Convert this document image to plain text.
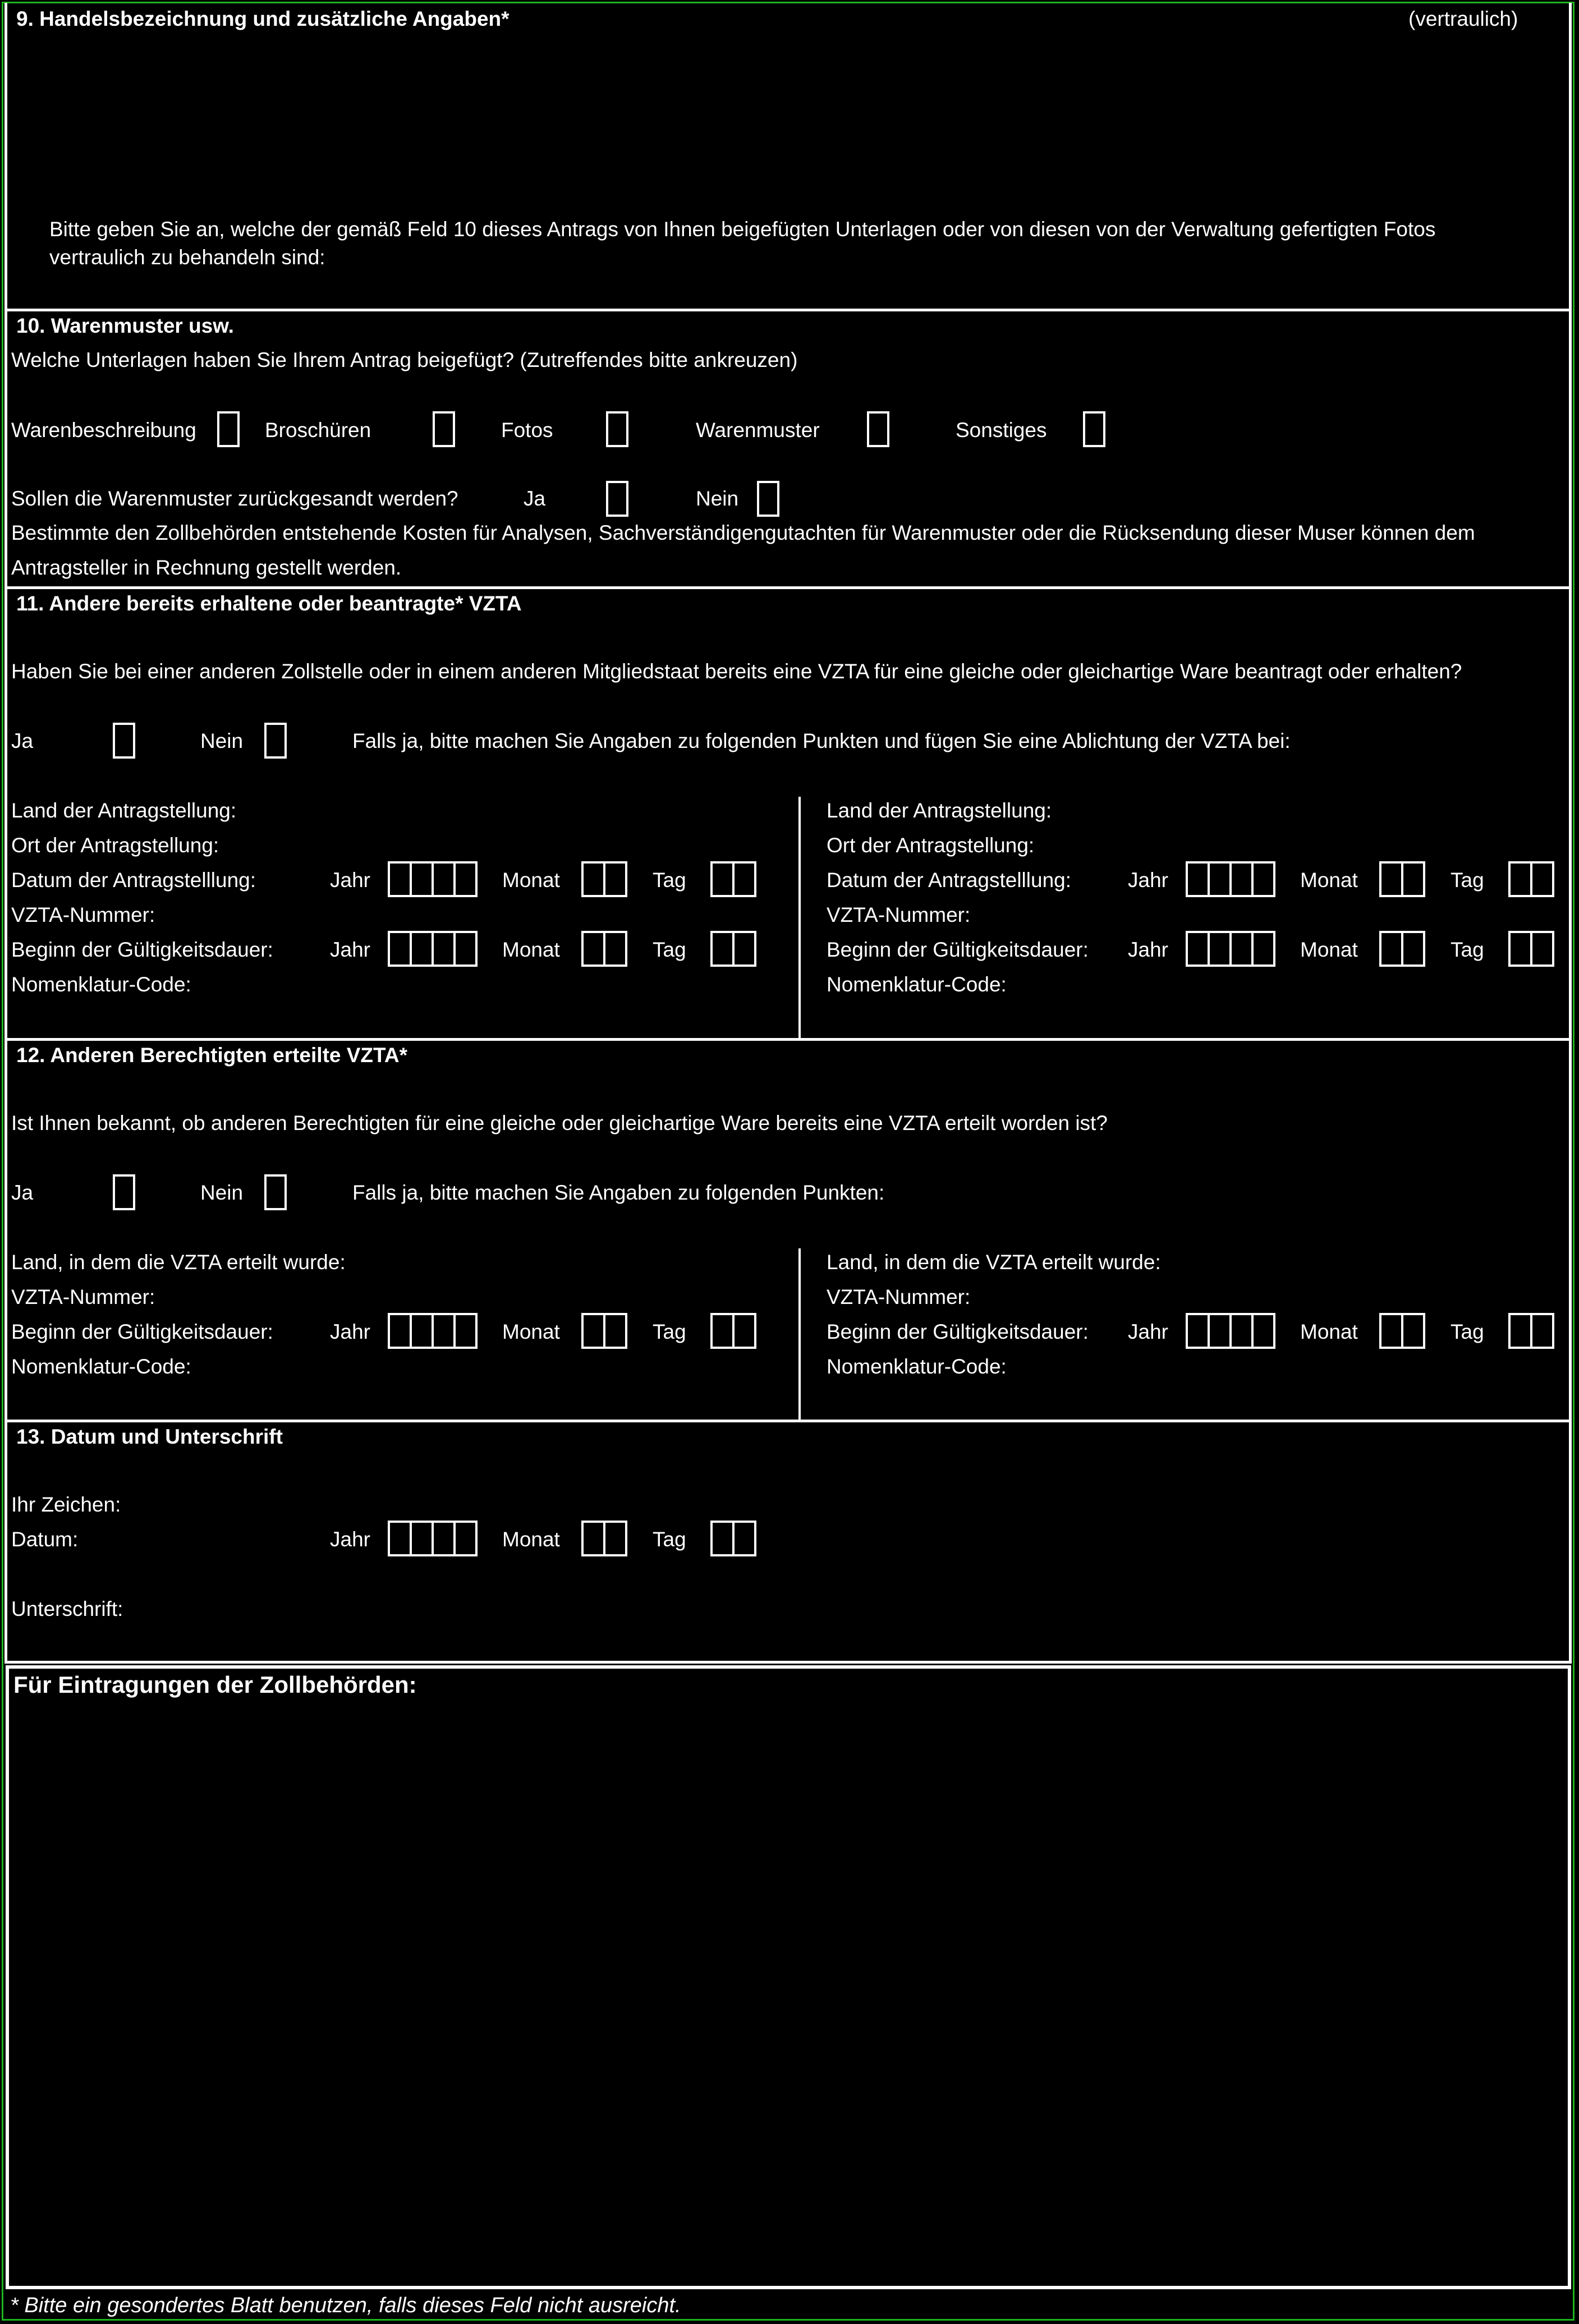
9. Handelsbezeichnung und zusätzliche Angaben*	(vertraulich)
Bitte geben Sie an, welche der gemäß Feld 10 dieses Antrags von Ihnen beigefügten Unterlagen oder von diesen von der Verwaltung gefertigten Fotos
vertraulich zu behandeln sind:
10. Warenmuster usw.
Welche Unterlagen haben Sie Ihrem Antrag beigefügt? (Zutreffendes bitte ankreuzen)
Warenbeschreibung	Broschüren	Fotos	Warenmuster	Sonstiges
Sollen die Warenmuster zurückgesandt werden?	Ja	Nein
Bestimmte den Zollbehörden entstehende Kosten für Analysen, Sachverständigengutachten für Warenmuster oder die Rücksendung dieser Muser können dem
Antragsteller in Rechnung gestellt werden.
11. Andere bereits erhaltene oder beantragte* VZTA
Haben Sie bei einer anderen Zollstelle oder in einem anderen Mitgliedstaat bereits eine VZTA für eine gleiche oder gleichartige Ware beantragt oder erhalten?
Ja	Nein	Falls ja, bitte machen Sie Angaben zu folgenden Punkten und fügen Sie eine Ablichtung der VZTA bei:
Land der Antragstellung:
Ort der Antragstellung:
Datum der Antragstelllung:	Jahr	Monat	Tag
VZTA-Nummer:
Beginn der Gültigkeitsdauer:	Jahr	Monat	Tag
Nomenklatur-Code:
Land der Antragstellung:
Ort der Antragstellung:
Datum der Antragstelllung:	Jahr	Monat	Tag
VZTA-Nummer:
Beginn der Gültigkeitsdauer: Jahr	Monat	Tag
Nomenklatur-Code:
12. Anderen Berechtigten erteilte VZTA*
Ist Ihnen bekannt, ob anderen Berechtigten für eine gleiche oder gleichartige Ware bereits eine VZTA erteilt worden ist?
Ja	Nein	Falls ja, bitte machen Sie Angaben zu folgenden Punkten:
Land, in dem die VZTA erteilt wurde:
VZTA-Nummer:
Beginn der Gültigkeitsdauer:	Jahr	Monat	Tag
Nomenklatur-Code:
Land, in dem die VZTA erteilt wurde:
VZTA-Nummer:
Beginn der Gültigkeitsdauer: Jahr	Monat	Tag
Nomenklatur-Code:
13. Datum und Unterschrift
Ihr Zeichen:
Datum:	Jahr	Monat	Tag
Unterschrift:
Für Eintragungen der Zollbehörden:
* Bitte ein gesondertes Blatt benutzen, falls dieses Feld nicht ausreicht.
